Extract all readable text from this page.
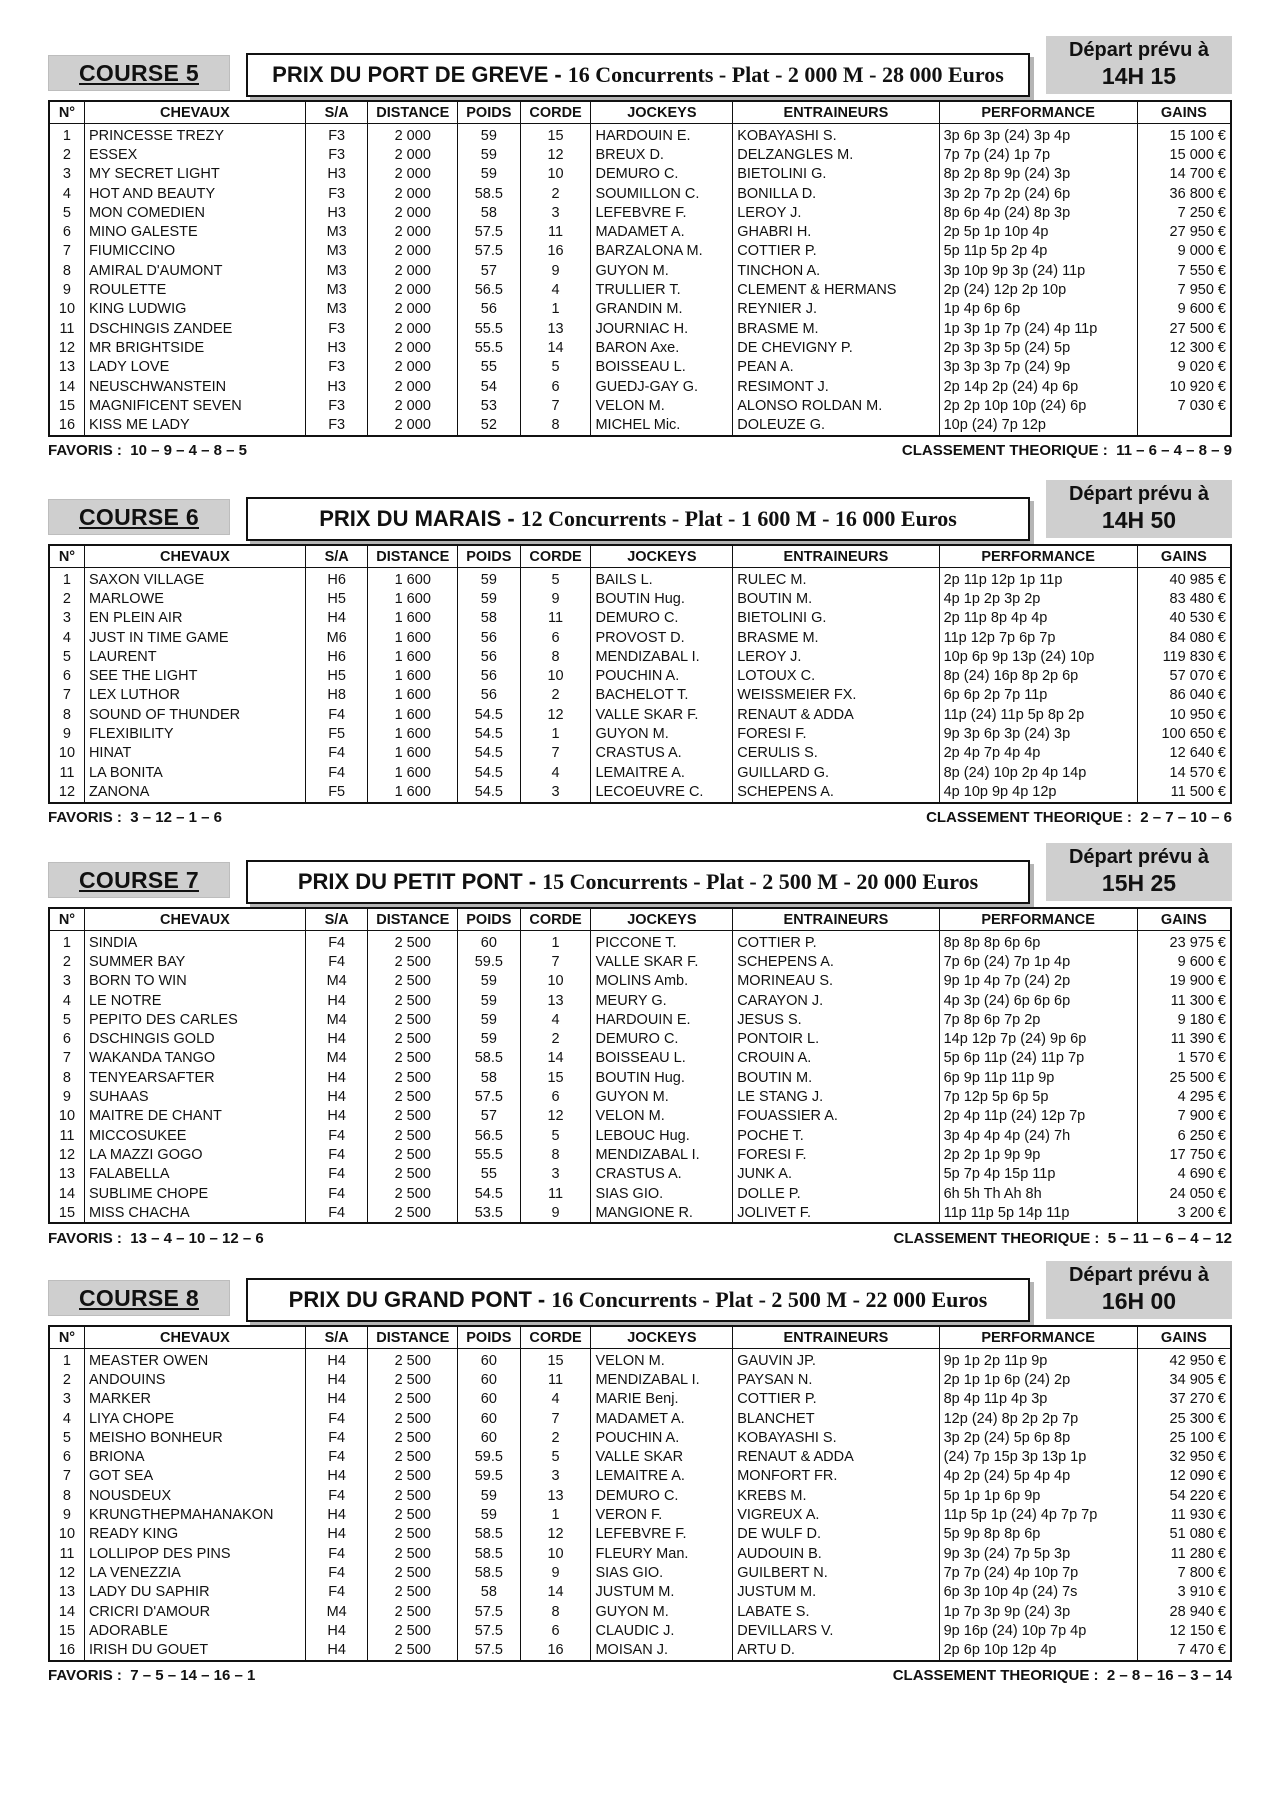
COURSE 5	PRIX DU PORT DE GREVE - 16 Concurrents - Plat - 2 000 M - 28 000 Euros
Départ prévu à
14H 15
N°	CHEVAUX	S/A	DISTANCE	POIDS	CORDE	JOCKEYS	ENTRAINEURS	PERFORMANCE	GAINS
1	PRINCESSE TREZY	F3	2 000	59	15	HARDOUIN E.	KOBAYASHI S.	3p 6p 3p (24) 3p 4p	15 100 €
2	ESSEX	F3	2 000	59	12	BREUX D.	DELZANGLES M.	7p 7p (24) 1p 7p	15 000 €
3	MY SECRET LIGHT	H3	2 000	59	10	DEMURO C.	BIETOLINI G.	8p 2p 8p 9p (24) 3p	14 700 €
4	HOT AND BEAUTY	F3	2 000	58.5	2	SOUMILLON C.	BONILLA D.	3p 2p 7p 2p (24) 6p	36 800 €
5	MON COMEDIEN	H3	2 000	58	3	LEFEBVRE F.	LEROY J.	8p 6p 4p (24) 8p 3p	7 250 €
6	MINO GALESTE	M3	2 000	57.5	11	MADAMET A.	GHABRI H.	2p 5p 1p 10p 4p	27 950 €
7	FIUMICCINO	M3	2 000	57.5	16	BARZALONA M.	COTTIER P.	5p 11p 5p 2p 4p	9 000 €
8	AMIRAL D'AUMONT	M3	2 000	57	9	GUYON M.	TINCHON A.	3p 10p 9p 3p (24) 11p	7 550 €
9	ROULETTE	M3	2 000	56.5	4	TRULLIER T.	CLEMENT & HERMANS	2p (24) 12p 2p 10p	7 950 €
10	KING LUDWIG	M3	2 000	56	1	GRANDIN M.	REYNIER J.	1p 4p 6p 6p	9 600 €
11	DSCHINGIS ZANDEE	F3	2 000	55.5	13	JOURNIAC H.	BRASME M.	1p 3p 1p 7p (24) 4p 11p	27 500 €
12	MR BRIGHTSIDE	H3	2 000	55.5	14	BARON Axe.	DE CHEVIGNY P.	2p 3p 3p 5p (24) 5p	12 300 €
13	LADY LOVE	F3	2 000	55	5	BOISSEAU L.	PEAN A.	3p 3p 3p 7p (24) 9p	9 020 €
14	NEUSCHWANSTEIN	H3	2 000	54	6	GUEDJ-GAY G.	RESIMONT J.	2p 14p 2p (24) 4p 6p	10 920 €
15	MAGNIFICENT SEVEN	F3	2 000	53	7	VELON M.	ALONSO ROLDAN M.	2p 2p 10p 10p (24) 6p	7 030 €
16	KISS ME LADY	F3	2 000	52	8	MICHEL Mic.	DOLEUZE G.	10p (24) 7p 12p	
FAVORIS : 10 – 9 – 4 – 8 – 5	CLASSEMENT THEORIQUE : 11 – 6 – 4 – 8 – 9
COURSE 6	PRIX DU MARAIS - 12 Concurrents - Plat - 1 600 M - 16 000 Euros
Départ prévu à
14H 50
N°	CHEVAUX	S/A	DISTANCE	POIDS	CORDE	JOCKEYS	ENTRAINEURS	PERFORMANCE	GAINS
1	SAXON VILLAGE	H6	1 600	59	5	BAILS L.	RULEC M.	2p 11p 12p 1p 11p	40 985 €
2	MARLOWE	H5	1 600	59	9	BOUTIN Hug.	BOUTIN M.	4p 1p 2p 3p 2p	83 480 €
3	EN PLEIN AIR	H4	1 600	58	11	DEMURO C.	BIETOLINI G.	2p 11p 8p 4p 4p	40 530 €
4	JUST IN TIME GAME	M6	1 600	56	6	PROVOST D.	BRASME M.	11p 12p 7p 6p 7p	84 080 €
5	LAURENT	H6	1 600	56	8	MENDIZABAL I.	LEROY J.	10p 6p 9p 13p (24) 10p	119 830 €
6	SEE THE LIGHT	H5	1 600	56	10	POUCHIN A.	LOTOUX C.	8p (24) 16p 8p 2p 6p	57 070 €
7	LEX LUTHOR	H8	1 600	56	2	BACHELOT T.	WEISSMEIER FX.	6p 6p 2p 7p 11p	86 040 €
8	SOUND OF THUNDER	F4	1 600	54.5	12	VALLE SKAR F.	RENAUT & ADDA	11p (24) 11p 5p 8p 2p	10 950 €
9	FLEXIBILITY	F5	1 600	54.5	1	GUYON M.	FORESI F.	9p 3p 6p 3p (24) 3p	100 650 €
10	HINAT	F4	1 600	54.5	7	CRASTUS A.	CERULIS S.	2p 4p 7p 4p 4p	12 640 €
11	LA BONITA	F4	1 600	54.5	4	LEMAITRE A.	GUILLARD G.	8p (24) 10p 2p 4p 14p	14 570 €
12	ZANONA	F5	1 600	54.5	3	LECOEUVRE C.	SCHEPENS A.	4p 10p 9p 4p 12p	11 500 €
FAVORIS : 3 – 12 – 1 – 6	CLASSEMENT THEORIQUE : 2 – 7 – 10 – 6
COURSE 7	PRIX DU PETIT PONT - 15 Concurrents - Plat - 2 500 M - 20 000 Euros
Départ prévu à
15H 25
N°	CHEVAUX	S/A	DISTANCE	POIDS	CORDE	JOCKEYS	ENTRAINEURS	PERFORMANCE	GAINS
1	SINDIA	F4	2 500	60	1	PICCONE T.	COTTIER P.	8p 8p 8p 6p 6p	23 975 €
2	SUMMER BAY	F4	2 500	59.5	7	VALLE SKAR F.	SCHEPENS A.	7p 6p (24) 7p 1p 4p	9 600 €
3	BORN TO WIN	M4	2 500	59	10	MOLINS Amb.	MORINEAU S.	9p 1p 4p 7p (24) 2p	19 900 €
4	LE NOTRE	H4	2 500	59	13	MEURY G.	CARAYON J.	4p 3p (24) 6p 6p 6p	11 300 €
5	PEPITO DES CARLES	M4	2 500	59	4	HARDOUIN E.	JESUS S.	7p 8p 6p 7p 2p	9 180 €
6	DSCHINGIS GOLD	H4	2 500	59	2	DEMURO C.	PONTOIR L.	14p 12p 7p (24) 9p 6p	11 390 €
7	WAKANDA TANGO	M4	2 500	58.5	14	BOISSEAU L.	CROUIN A.	5p 6p 11p (24) 11p 7p	1 570 €
8	TENYEARSAFTER	H4	2 500	58	15	BOUTIN Hug.	BOUTIN M.	6p 9p 11p 11p 9p	25 500 €
9	SUHAAS	H4	2 500	57.5	6	GUYON M.	LE STANG J.	7p 12p 5p 6p 5p	4 295 €
10	MAITRE DE CHANT	H4	2 500	57	12	VELON M.	FOUASSIER A.	2p 4p 11p (24) 12p 7p	7 900 €
11	MICCOSUKEE	F4	2 500	56.5	5	LEBOUC Hug.	POCHE T.	3p 4p 4p 4p (24) 7h	6 250 €
12	LA MAZZI GOGO	F4	2 500	55.5	8	MENDIZABAL I.	FORESI F.	2p 2p 1p 9p 9p	17 750 €
13	FALABELLA	F4	2 500	55	3	CRASTUS A.	JUNK A.	5p 7p 4p 15p 11p	4 690 €
14	SUBLIME CHOPE	F4	2 500	54.5	11	SIAS GIO.	DOLLE P.	6h 5h Th Ah 8h	24 050 €
15	MISS CHACHA	F4	2 500	53.5	9	MANGIONE R.	JOLIVET F.	11p 11p 5p 14p 11p	3 200 €
FAVORIS : 13 – 4 – 10 – 12 – 6	CLASSEMENT THEORIQUE : 5 – 11 – 6 – 4 – 12
COURSE 8	PRIX DU GRAND PONT - 16 Concurrents - Plat - 2 500 M - 22 000 Euros
Départ prévu à
16H 00
N°	CHEVAUX	S/A	DISTANCE	POIDS	CORDE	JOCKEYS	ENTRAINEURS	PERFORMANCE	GAINS
1	MEASTER OWEN	H4	2 500	60	15	VELON M.	GAUVIN JP.	9p 1p 2p 11p 9p	42 950 €
2	ANDOUINS	H4	2 500	60	11	MENDIZABAL I.	PAYSAN N.	2p 1p 1p 6p (24) 2p	34 905 €
3	MARKER	H4	2 500	60	4	MARIE Benj.	COTTIER P.	8p 4p 11p 4p 3p	37 270 €
4	LIYA CHOPE	F4	2 500	60	7	MADAMET A.	BLANCHET	12p (24) 8p 2p 2p 7p	25 300 €
5	MEISHO BONHEUR	F4	2 500	60	2	POUCHIN A.	KOBAYASHI S.	3p 2p (24) 5p 6p 8p	25 100 €
6	BRIONA	F4	2 500	59.5	5	VALLE SKAR	RENAUT & ADDA	(24) 7p 15p 3p 13p 1p	32 950 €
7	GOT SEA	H4	2 500	59.5	3	LEMAITRE A.	MONFORT FR.	4p 2p (24) 5p 4p 4p	12 090 €
8	NOUSDEUX	F4	2 500	59	13	DEMURO C.	KREBS M.	5p 1p 1p 6p 9p	54 220 €
9	KRUNGTHEPMAHANAKON	H4	2 500	59	1	VERON F.	VIGREUX A.	11p 5p 1p (24) 4p 7p 7p	11 930 €
10	READY KING	H4	2 500	58.5	12	LEFEBVRE F.	DE WULF D.	5p 9p 8p 8p 6p	51 080 €
11	LOLLIPOP DES PINS	F4	2 500	58.5	10	FLEURY Man.	AUDOUIN B.	9p 3p (24) 7p 5p 3p	11 280 €
12	LA VENEZZIA	F4	2 500	58.5	9	SIAS GIO.	GUILBERT N.	7p 7p (24) 4p 10p 7p	7 800 €
13	LADY DU SAPHIR	F4	2 500	58	14	JUSTUM M.	JUSTUM M.	6p 3p 10p 4p (24) 7s	3 910 €
14	CRICRI D'AMOUR	M4	2 500	57.5	8	GUYON M.	LABATE S.	1p 7p 3p 9p (24) 3p	28 940 €
15	ADORABLE	H4	2 500	57.5	6	CLAUDIC J.	DEVILLARS V.	9p 16p (24) 10p 7p 4p	12 150 €
16	IRISH DU GOUET	H4	2 500	57.5	16	MOISAN J.	ARTU D.	2p 6p 10p 12p 4p	7 470 €
FAVORIS : 7 – 5 – 14 – 16 – 1	CLASSEMENT THEORIQUE : 2 – 8 – 16 – 3 – 14
